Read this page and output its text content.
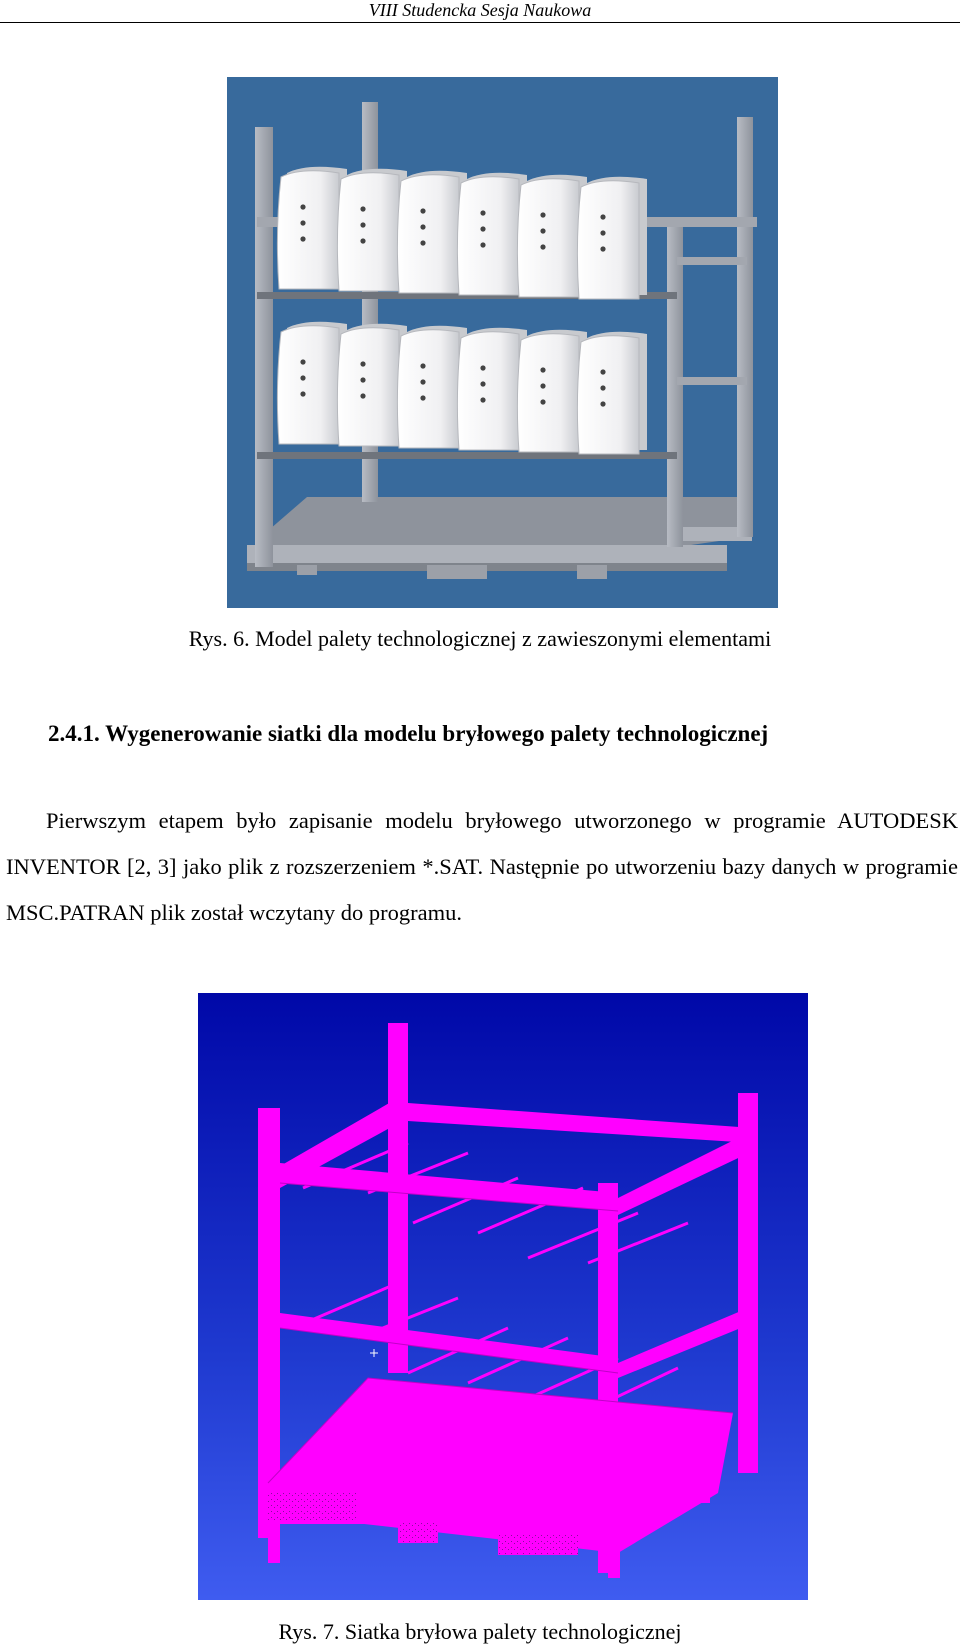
VIII Studencka Sesja Naukowa
Rys. 6. Model palety technologicznej z zawieszonymi elementami
2.4.1. Wygenerowanie siatki dla modelu bryłowego palety technologicznej

Pierwszym etapem było zapisanie modelu bryłowego utworzonego w programie AUTODESK INVENTOR [2, 3] jako plik z rozszerzeniem *.SAT. Następnie po utworzeniu bazy danych w programie MSC.PATRAN plik został wczytany do programu.

Rys. 7. Siatka bryłowa palety technologicznej
